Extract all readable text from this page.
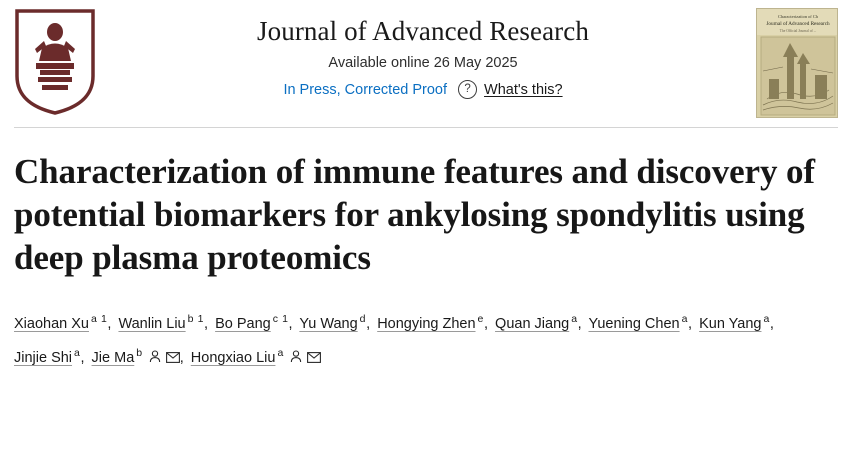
Journal of Advanced Research
Available online 26 May 2025
In Press, Corrected Proof	? What's this?
Characterization of Ch
Journal of Advanced Research
The Official Journal of ...
Characterization of immune features and discovery of potential biomarkers for ankylosing spondylitis using deep plasma proteomics
Xiaohan Xu $^{a 1}$, Wanlin Liu $^{b 1}$, Bo Pang $^{c 1}$, Yu Wang $^d$, Hongying Zhen $^e$, Quan Jiang $^a$, Yuening Chen $^a$, Kun Yang $^a$, Jinjie Shi $^a$, Jie Ma $^b$	, Hongxiao Liu $^a$
